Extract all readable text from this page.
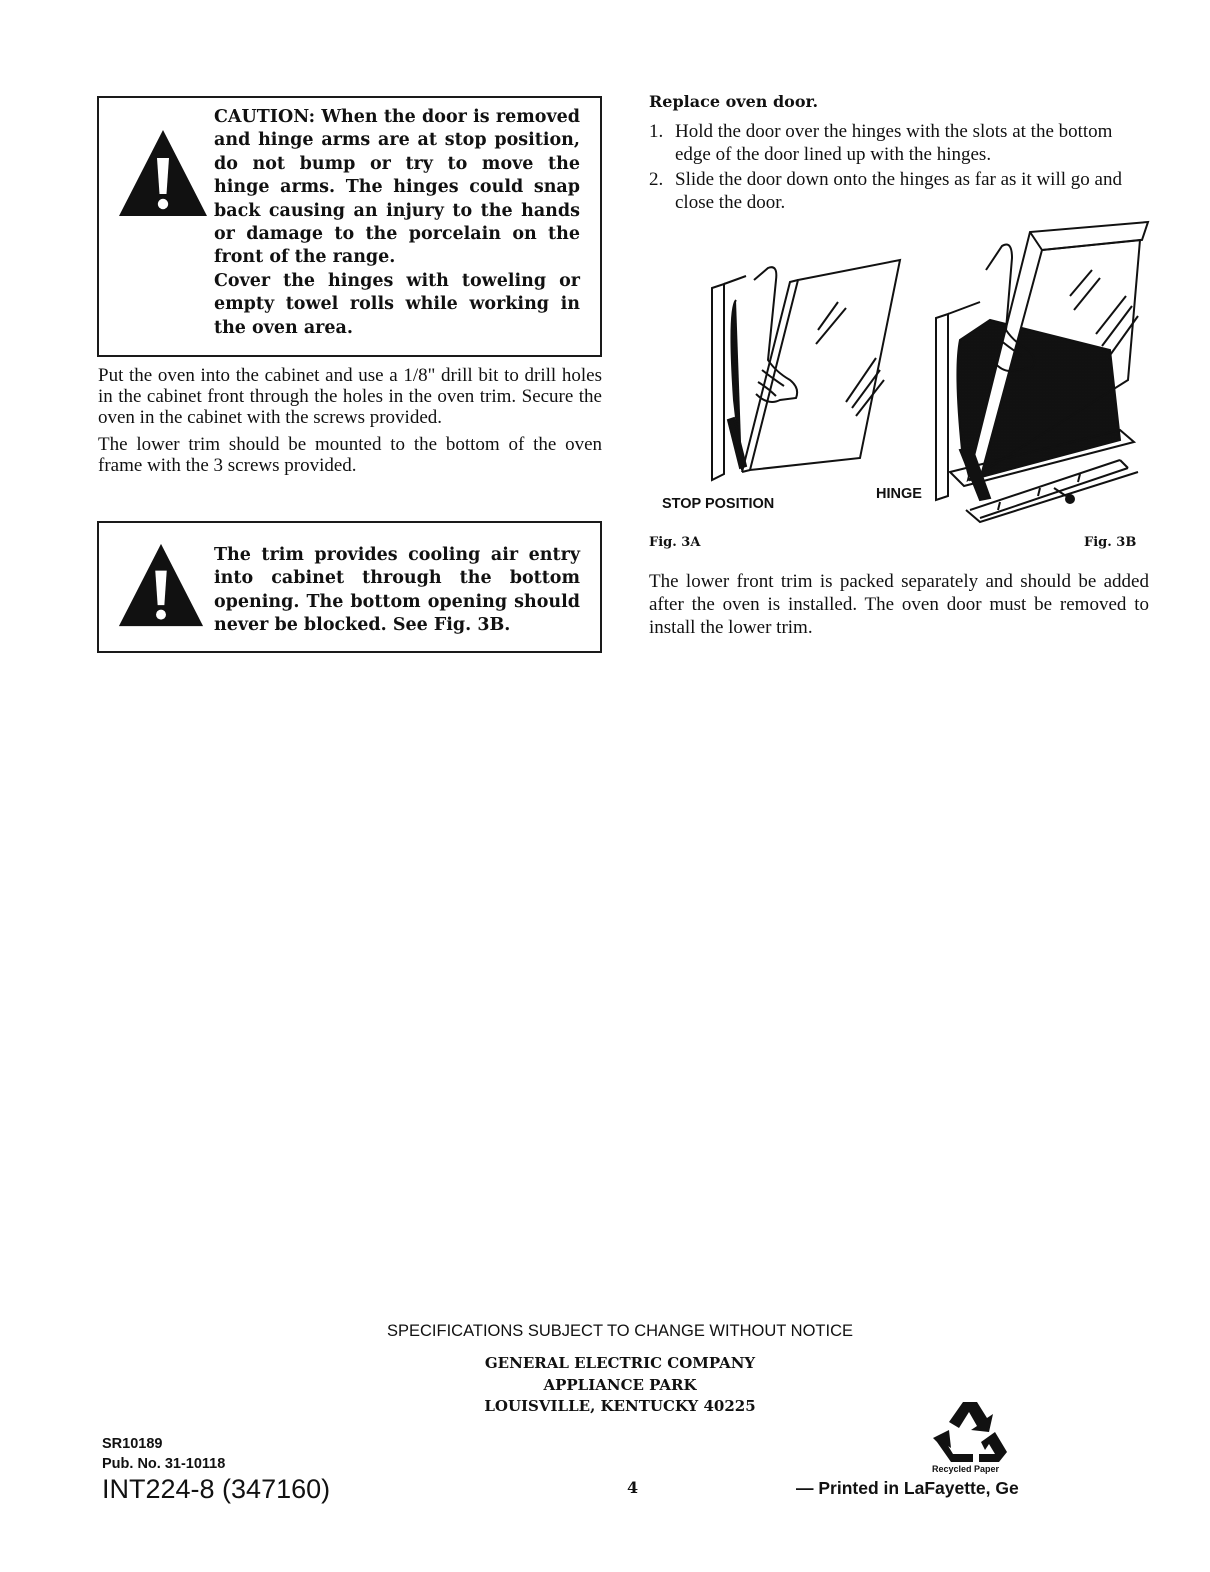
CAUTION: When the door is removed and hinge arms are at stop position, do not bump or try to move the hinge arms. The hinges could snap back causing an injury to the hands or damage to the porcelain on the front of the range.

Cover the hinges with toweling or empty towel rolls while working in the oven area.

Put the oven into the cabinet and use a 1/8" drill bit to drill holes in the cabinet front through the holes in the oven trim. Secure the oven in the cabinet with the screws provided.

The lower trim should be mounted to the bottom of the oven frame with the 3 screws provided.

The trim provides cooling air entry into cabinet through the bottom opening. The bottom opening should never be blocked. See Fig. 3B.
Replace oven door.
1. Hold the door over the hinges with the slots at the bottom edge of the door lined up with the hinges.
2. Slide the door down onto the hinges as far as it will go and close the door.
STOP POSITION
HINGE
Fig. 3A	Fig. 3B
The lower front trim is packed separately and should be added after the oven is installed. The oven door must be removed to install the lower trim.
SPECIFICATIONS SUBJECT TO CHANGE WITHOUT NOTICE
GENERAL ELECTRIC COMPANY
APPLIANCE PARK
LOUISVILLE, KENTUCKY 40225
SR10189
Pub. No. 31-10118
INT224-8 (347160)	4
Recycled Paper
— Printed in LaFayette, Ge
